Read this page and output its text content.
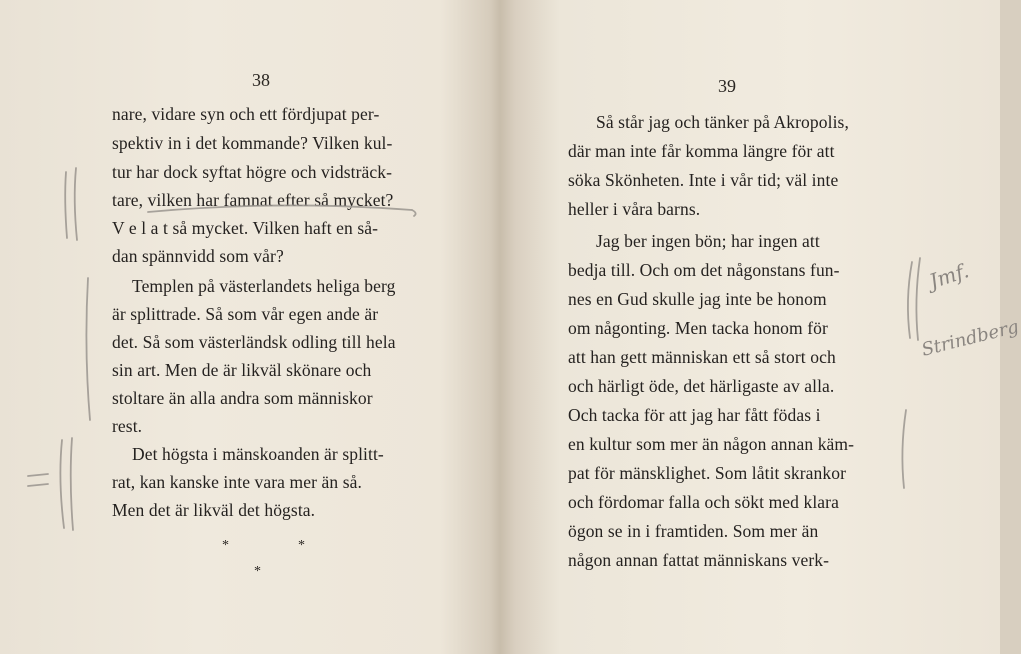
38
nare, vidare syn och ett fördjupat per-
spektiv in i det kommande? Vilken kul-
tur har dock syftat högre och vidsträck-
tare, vilken har famnat efter så mycket?
V e l a t så mycket. Vilken haft en så-
dan spännvidd som vår?
Templen på västerlandets heliga berg
är splittrade. Så som vår egen ande är
det. Så som västerländsk odling till hela
sin art. Men de är likväl skönare och
stoltare än alla andra som människor
rest.
Det högsta i mänskoanden är splitt-
rat, kan kanske inte vara mer än så.
Men det är likväl det högsta.
*	*
*
39
Så står jag och tänker på Akropolis,
där man inte får komma längre för att
söka Skönheten. Inte i vår tid; väl inte
heller i våra barns.
Jag ber ingen bön; har ingen att
bedja till. Och om det någonstans fun-
nes en Gud skulle jag inte be honom
om någonting. Men tacka honom för
att han gett människan ett så stort och
och härligt öde, det härligaste av alla.
Och tacka för att jag har fått födas i
en kultur som mer än någon annan käm-
pat för mänsklighet. Som låtit skrankor
och fördomar falla och sökt med klara
ögon se in i framtiden. Som mer än
någon annan fattat människans verk-
Jmf.
Strindberg
